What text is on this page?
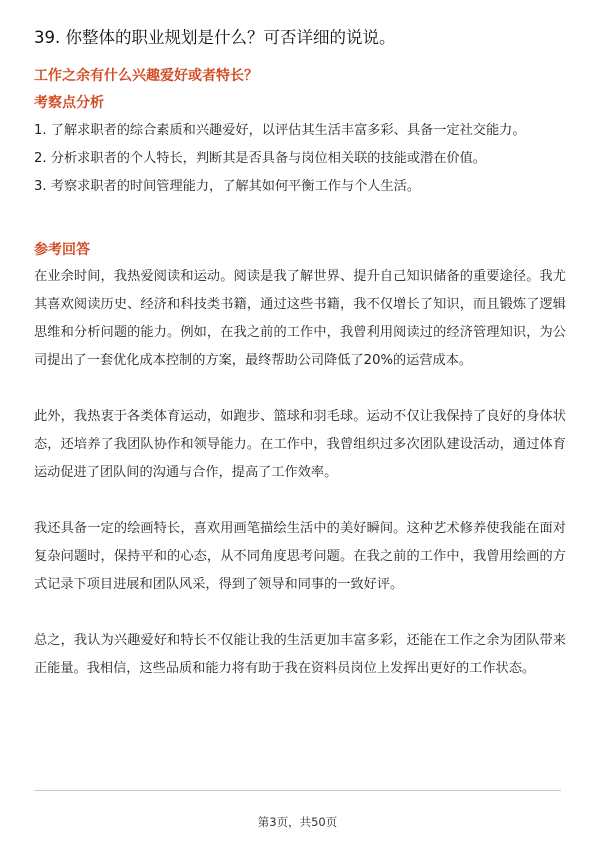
39. 你整体的职业规划是什么？可否详细的说说。
工作之余有什么兴趣爱好或者特长？
考察点分析
1. 了解求职者的综合素质和兴趣爱好，以评估其生活丰富多彩、具备一定社交能力。
2. 分析求职者的个人特长，判断其是否具备与岗位相关联的技能或潜在价值。
3. 考察求职者的时间管理能力，了解其如何平衡工作与个人生活。
参考回答

在业余时间，我热爱阅读和运动。阅读是我了解世界、提升自己知识储备的重要途径。我尤其喜欢阅读历史、经济和科技类书籍，通过这些书籍，我不仅增长了知识，而且锻炼了逻辑思维和分析问题的能力。例如，在我之前的工作中，我曾利用阅读过的经济管理知识，为公司提出了一套优化成本控制的方案，最终帮助公司降低了20%的运营成本。

此外，我热衷于各类体育运动，如跑步、篮球和羽毛球。运动不仅让我保持了良好的身体状态，还培养了我团队协作和领导能力。在工作中，我曾组织过多次团队建设活动，通过体育运动促进了团队间的沟通与合作，提高了工作效率。

我还具备一定的绘画特长，喜欢用画笔描绘生活中的美好瞬间。这种艺术修养使我能在面对复杂问题时，保持平和的心态，从不同角度思考问题。在我之前的工作中，我曾用绘画的方式记录下项目进展和团队风采，得到了领导和同事的一致好评。

总之，我认为兴趣爱好和特长不仅能让我的生活更加丰富多彩，还能在工作之余为团队带来正能量。我相信，这些品质和能力将有助于我在资料员岗位上发挥出更好的工作状态。

第3页，共50页
